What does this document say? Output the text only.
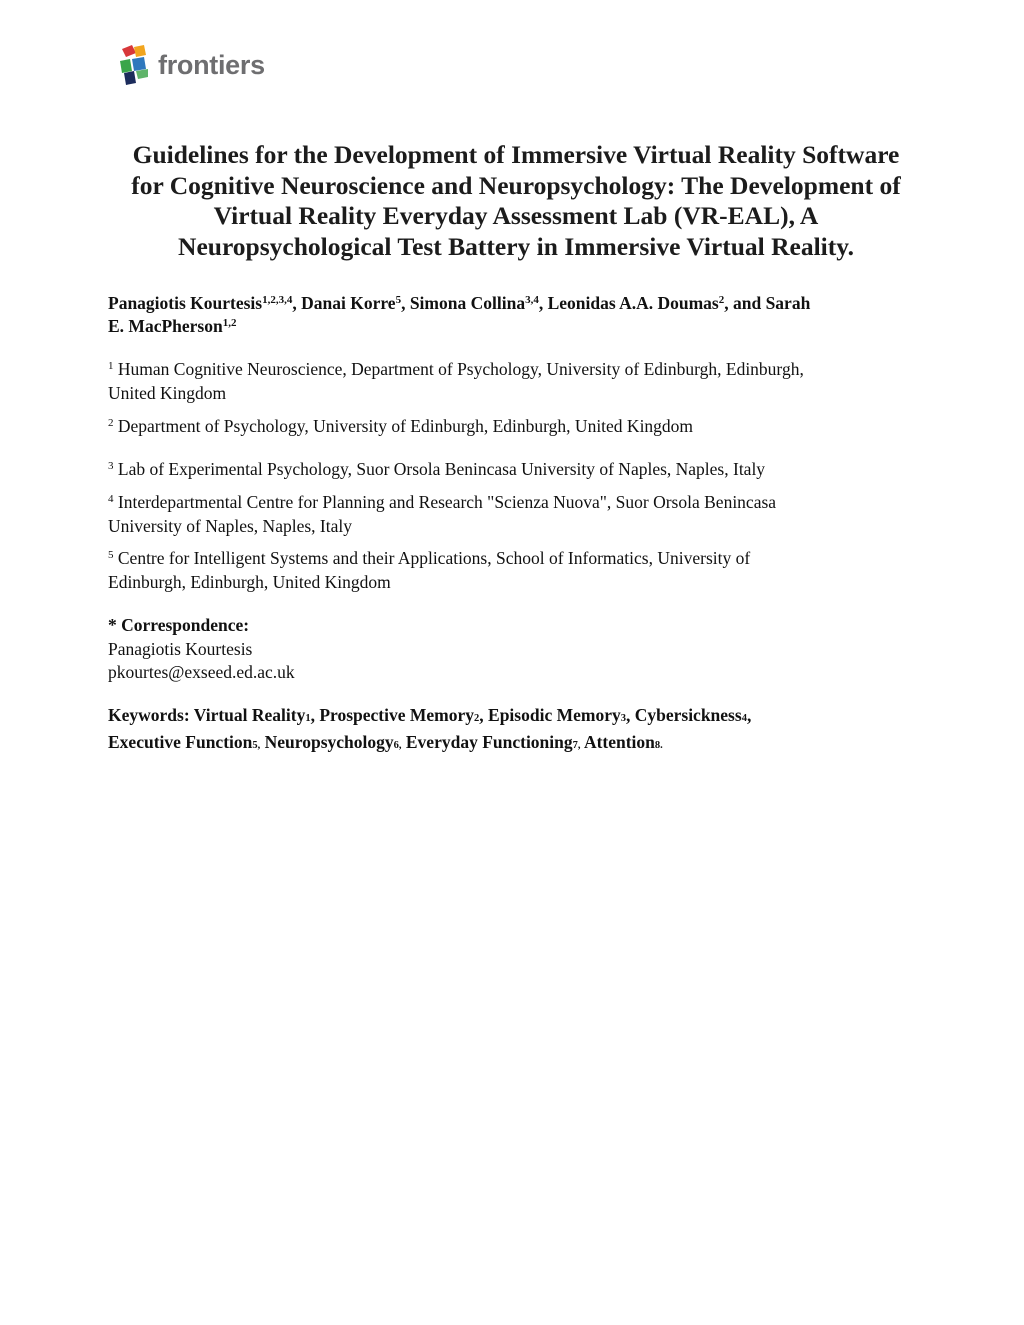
frontiers
Guidelines for the Development of Immersive Virtual Reality Software
for Cognitive Neuroscience and Neuropsychology: The Development of
Virtual Reality Everyday Assessment Lab (VR-EAL), A
Neuropsychological Test Battery in Immersive Virtual Reality.
Panagiotis Kourtesis$^{1,2,3,4}$, Danai Korre$^5$, Simona Collina$^{3,4}$, Leonidas A.A. Doumas$^2$, and Sarah
E. MacPherson$^{1,2}$
$^1$ Human Cognitive Neuroscience, Department of Psychology, University of Edinburgh, Edinburgh,
United Kingdom
$^2$ Department of Psychology, University of Edinburgh, Edinburgh, United Kingdom
$^3$ Lab of Experimental Psychology, Suor Orsola Benincasa University of Naples, Naples, Italy
$^4$ Interdepartmental Centre for Planning and Research "Scienza Nuova", Suor Orsola Benincasa
University of Naples, Naples, Italy
$^5$ Centre for Intelligent Systems and their Applications, School of Informatics, University of
Edinburgh, Edinburgh, United Kingdom
* Correspondence:
Panagiotis Kourtesis
pkourtes@exseed.ed.ac.uk
Keywords: Virtual Reality1, Prospective Memory2, Episodic Memory3, Cybersickness4,
Executive Function5, Neuropsychology6, Everyday Functioning7, Attention8.
